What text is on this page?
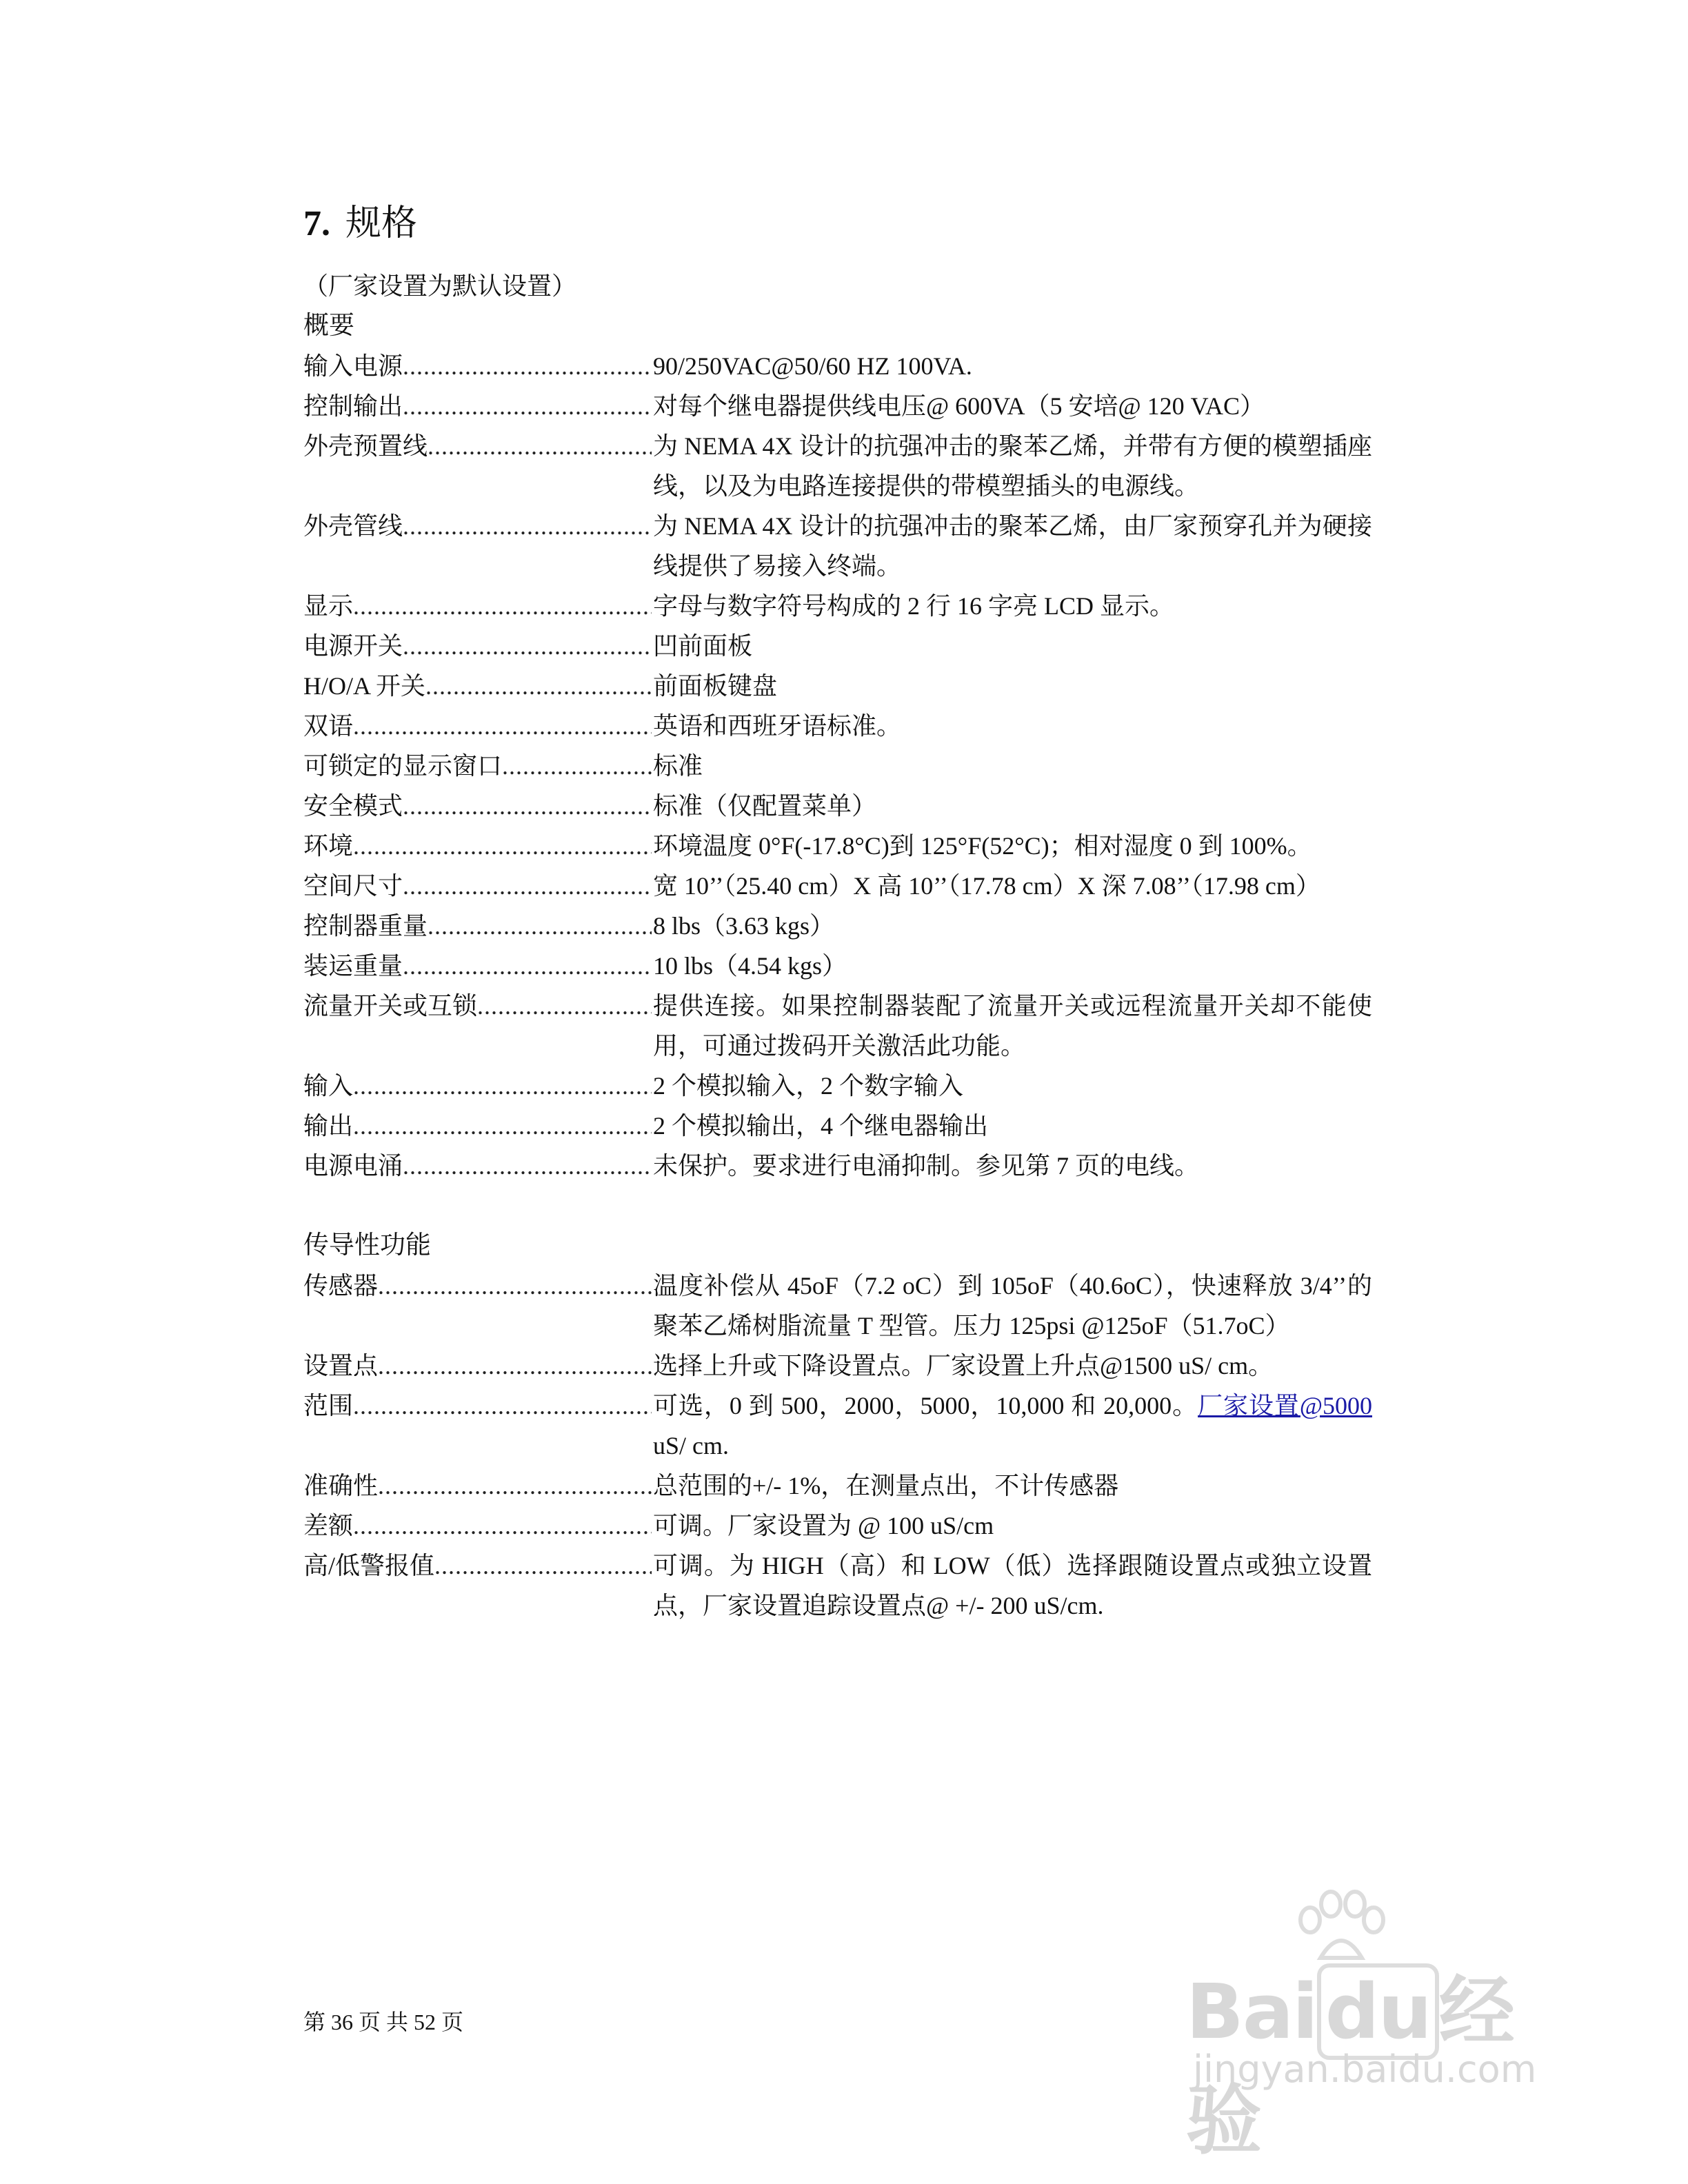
7. 规格
（厂家设置为默认设置）
概要
输入电源 .....	90/250VAC@50/60 HZ 100VA.
控制输出 .....	对每个继电器提供线电压@ 600VA（5 安培@ 120 VAC）
外壳预置线 .....	为 NEMA 4X 设计的抗强冲击的聚苯乙烯，并带有方便的模塑插座线，以及为电路连接提供的带模塑插头的电源线。
外壳管线 .....	为 NEMA 4X 设计的抗强冲击的聚苯乙烯，由厂家预穿孔并为硬接线提供了易接入终端。
显示 .....	字母与数字符号构成的 2 行 16 字亮 LCD 显示。
电源开关 .....	凹前面板
H/O/A 开关 .....	前面板键盘
双语 .....	英语和西班牙语标准。
可锁定的显示窗口 .....	标准
安全模式 .....	标准（仅配置菜单）
环境 .....	环境温度 0°F(-17.8°C)到 125°F(52°C)；相对湿度 0 到 100%。
空间尺寸 .....	宽 10’’（25.40 cm）X 高 10’’（17.78 cm）X 深 7.08’’（17.98 cm）
控制器重量 .....	8 lbs（3.63 kgs）
装运重量 .....	10 lbs（4.54 kgs）
流量开关或互锁 .....	提供连接。如果控制器装配了流量开关或远程流量开关却不能使用，可通过拨码开关激活此功能。
输入 .....	2 个模拟输入，2 个数字输入
输出 .....	2 个模拟输出，4 个继电器输出
电源电涌 .....	未保护。要求进行电涌抑制。参见第 7 页的电线。
传导性功能
传感器 .....	温度补偿从 45oF（7.2 oC）到 105oF（40.6oC），快速释放 3/4’’的聚苯乙烯树脂流量 T 型管。压力 125psi @125oF（51.7oC）
设置点 .....	选择上升或下降设置点。厂家设置上升点@1500 uS/ cm。
范围 .....	可选，0 到 500，2000，5000，10,000 和 20,000。厂家设置@5000 uS/ cm.
准确性 .....	总范围的+/- 1%，在测量点出，不计传感器
差额 .....	可调。厂家设置为 @ 100 uS/cm
高/低警报值 .....	可调。为 HIGH（高）和 LOW（低）选择跟随设置点或独立设置点，厂家设置追踪设置点@ +/- 200 uS/cm.
第 36 页 共 52 页	Bai du 经验
jingyan.baidu.com
